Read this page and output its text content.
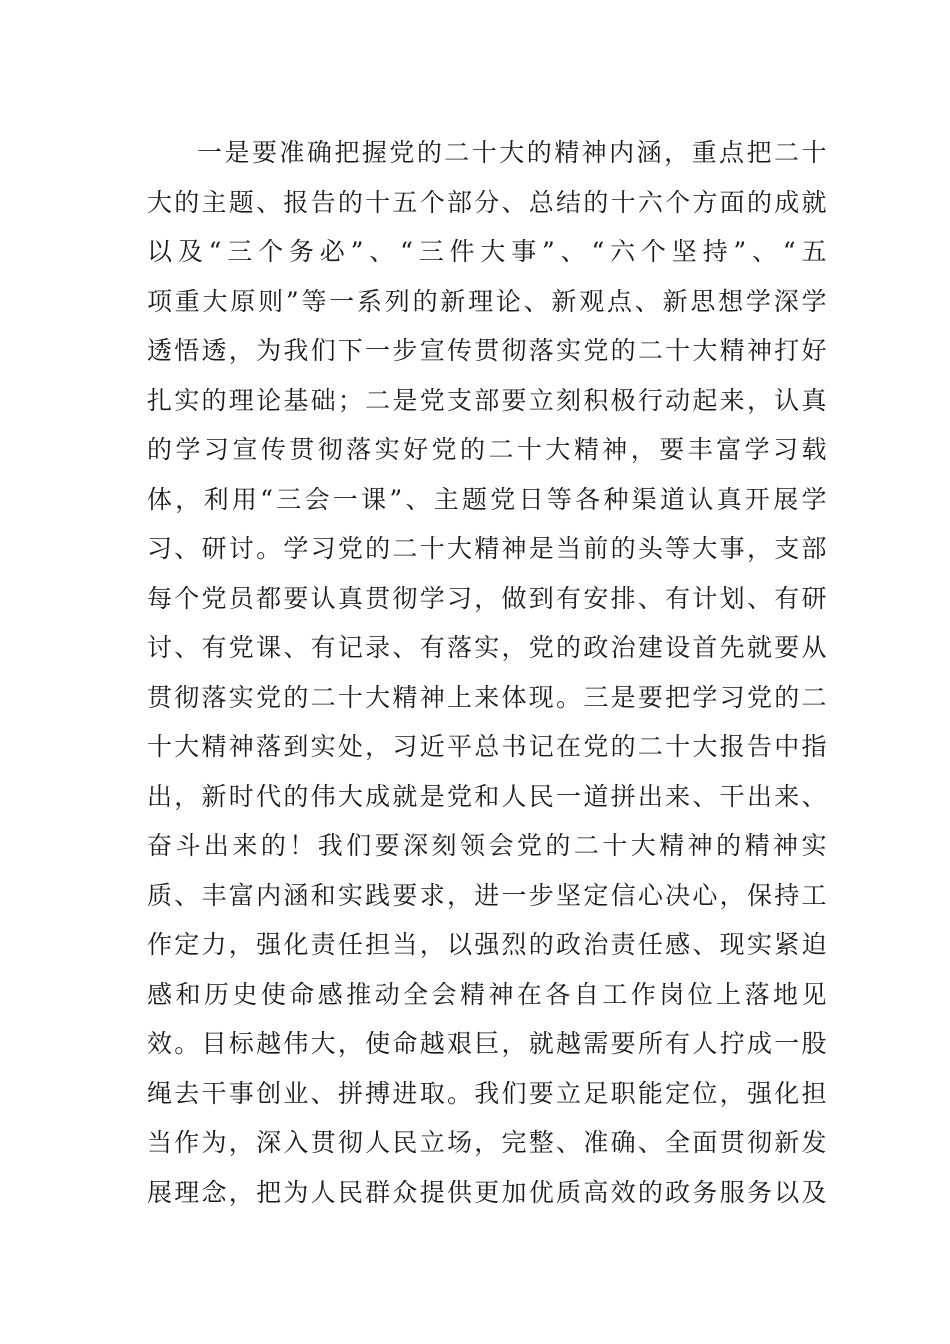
一是要准确把握党的二十大的精神内涵，重点把二十
大的主题、报告的十五个部分、总结的十六个方面的成就
以及“三个务必”、“三件大事”、“六个坚持”、“五
项重大原则”等一系列的新理论、新观点、新思想学深学
透悟透，为我们下一步宣传贯彻落实党的二十大精神打好
扎实的理论基础；二是党支部要立刻积极行动起来，认真
的学习宣传贯彻落实好党的二十大精神，要丰富学习载
体，利用“三会一课”、主题党日等各种渠道认真开展学
习、研讨。学习党的二十大精神是当前的头等大事，支部
每个党员都要认真贯彻学习，做到有安排、有计划、有研
讨、有党课、有记录、有落实，党的政治建设首先就要从
贯彻落实党的二十大精神上来体现。三是要把学习党的二
十大精神落到实处，习近平总书记在党的二十大报告中指
出，新时代的伟大成就是党和人民一道拼出来、干出来、
奋斗出来的！我们要深刻领会党的二十大精神的精神实
质、丰富内涵和实践要求，进一步坚定信心决心，保持工
作定力，强化责任担当，以强烈的政治责任感、现实紧迫
感和历史使命感推动全会精神在各自工作岗位上落地见
效。目标越伟大，使命越艰巨，就越需要所有人拧成一股
绳去干事创业、拼搏进取。我们要立足职能定位，强化担
当作为，深入贯彻人民立场，完整、准确、全面贯彻新发
展理念，把为人民群众提供更加优质高效的政务服务以及
